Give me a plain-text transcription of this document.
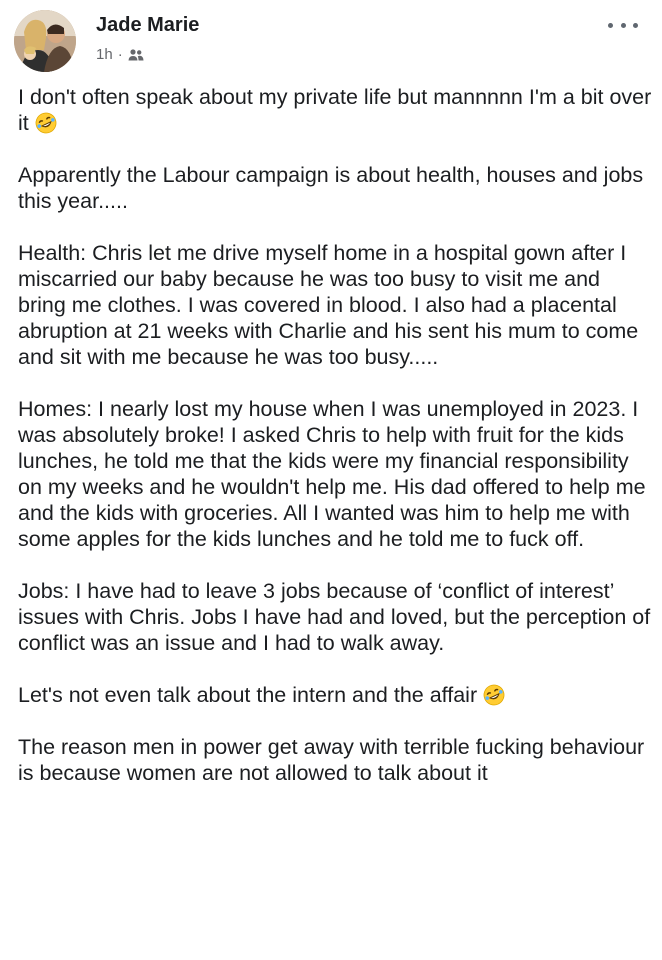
Jade Marie
1h ·

I don't often speak about my private life but mannnnn I'm a bit over it

Apparently the Labour campaign is about health, houses and jobs this year.....

Health: Chris let me drive myself home in a hospital gown after I miscarried our baby because he was too busy to visit me and bring me clothes. I was covered in blood. I also had a placental abruption at 21 weeks with Charlie and his sent his mum to come and sit with me because he was too busy.....

Homes: I nearly lost my house when I was unemployed in 2023. I was absolutely broke! I asked Chris to help with fruit for the kids lunches, he told me that the kids were my financial responsibility on my weeks and he wouldn't help me. His dad offered to help me and the kids with groceries. All I wanted was him to help me with some apples for the kids lunches and he told me to fuck off.

Jobs: I have had to leave 3 jobs because of ‘conflict of interest’ issues with Chris. Jobs I have had and loved, but the perception of conflict was an issue and I had to walk away.

Let's not even talk about the intern and the affair

The reason men in power get away with terrible fucking behaviour is because women are not allowed to talk about it
